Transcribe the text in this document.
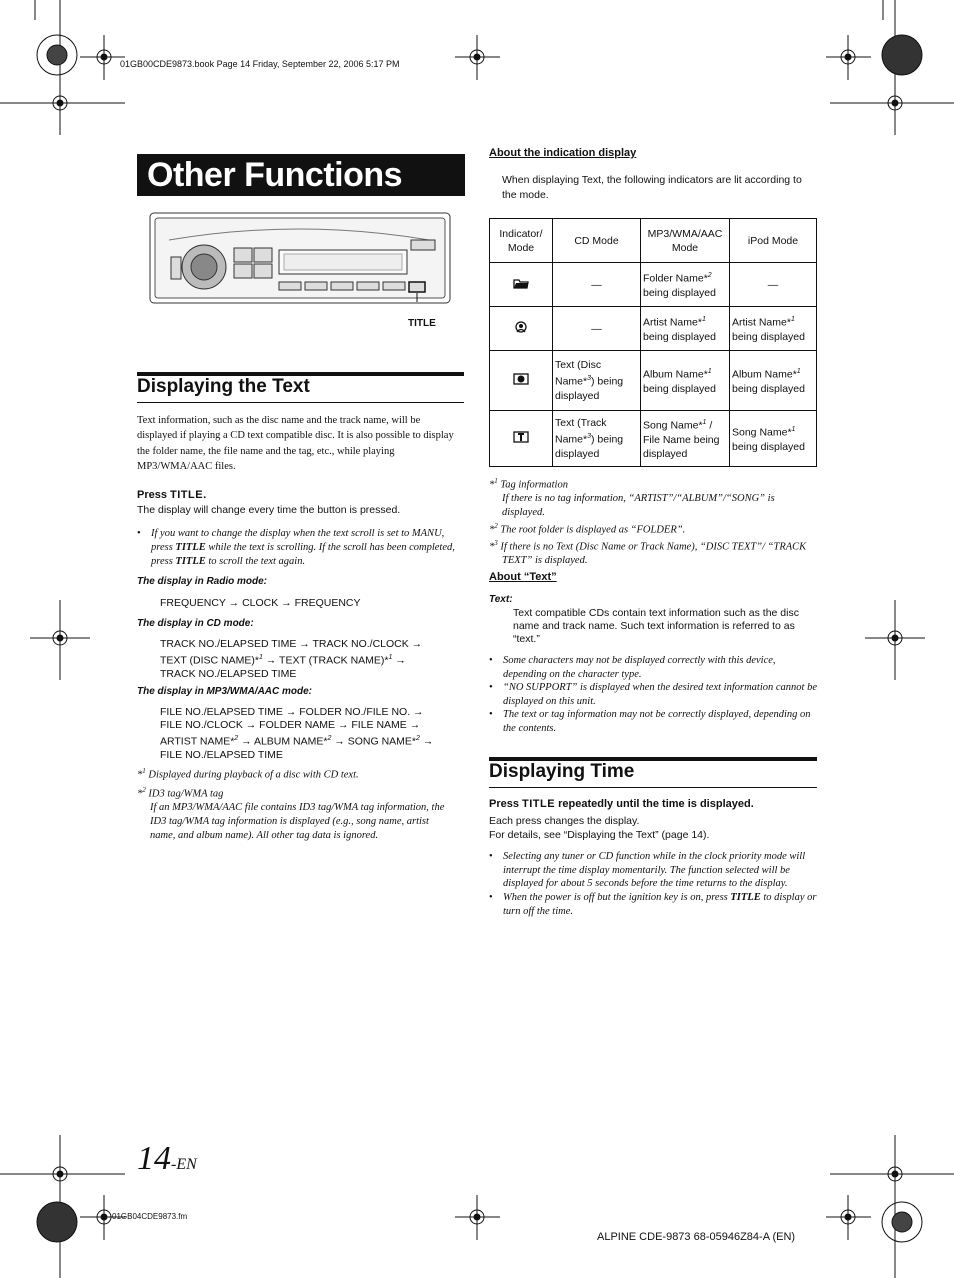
01GB00CDE9873.book Page 14 Friday, September 22, 2006 5:17 PM
Other Functions
TITLE
Displaying the Text
Text information, such as the disc name and the track name, will be displayed if playing a CD text compatible disc. It is also possible to display the folder name, the file name and the tag, etc., while playing MP3/WMA/AAC files.
Press TITLE.
The display will change every time the button is pressed.
• If you want to change the display when the text scroll is set to MANU, press TITLE while the text is scrolling. If the scroll has been completed, press TITLE to scroll the text again.
The display in Radio mode:
FREQUENCY → CLOCK → FREQUENCY
The display in CD mode:
TRACK NO./ELAPSED TIME → TRACK NO./CLOCK →
TEXT (DISC NAME)*$^1$ → TEXT (TRACK NAME)*$^1$ →
TRACK NO./ELAPSED TIME
The display in MP3/WMA/AAC mode:
FILE NO./ELAPSED TIME → FOLDER NO./FILE NO. →
FILE NO./CLOCK → FOLDER NAME → FILE NAME →
ARTIST NAME*$^2$ → ALBUM NAME*$^2$ → SONG NAME*$^2$ →
FILE NO./ELAPSED TIME
*$^1$ Displayed during playback of a disc with CD text.
*$^2$ ID3 tag/WMA tag
If an MP3/WMA/AAC file contains ID3 tag/WMA tag information, the ID3 tag/WMA tag information is displayed (e.g., song name, artist name, and album name). All other tag data is ignored.
About the indication display
When displaying Text, the following indicators are lit according to the mode.
Indicator/ Mode	CD Mode	MP3/WMA/AAC Mode	iPod Mode
	—	Folder Name*$^2$ being displayed	—
	—	Artist Name*$^1$ being displayed	Artist Name*$^1$ being displayed
	Text (Disc Name*$^3$) being displayed	Album Name*$^1$ being displayed	Album Name*$^1$ being displayed
	Text (Track Name*$^3$) being displayed	Song Name*$^1$ / File Name being displayed	Song Name*$^1$ being displayed
*$^1$ Tag information
If there is no tag information, “ARTIST”/“ALBUM”/“SONG” is displayed.
*$^2$ The root folder is displayed as “FOLDER”.
*$^3$ If there is no Text (Disc Name or Track Name), “DISC TEXT”/ “TRACK TEXT” is displayed.
About “Text”
Text:
Text compatible CDs contain text information such as the disc name and track name. Such text information is referred to as “text.”
• Some characters may not be displayed correctly with this device, depending on the character type.
• “NO SUPPORT” is displayed when the desired text information cannot be displayed on this unit.
• The text or tag information may not be correctly displayed, depending on the contents.
Displaying Time
Press TITLE repeatedly until the time is displayed.
Each press changes the display.
For details, see “Displaying the Text” (page 14).
• Selecting any tuner or CD function while in the clock priority mode will interrupt the time display momentarily. The function selected will be displayed for about 5 seconds before the time returns to the display.
• When the power is off but the ignition key is on, press TITLE to display or turn off the time.
14-EN
01GB04CDE9873.fm
ALPINE CDE-9873 68-05946Z84-A (EN)
